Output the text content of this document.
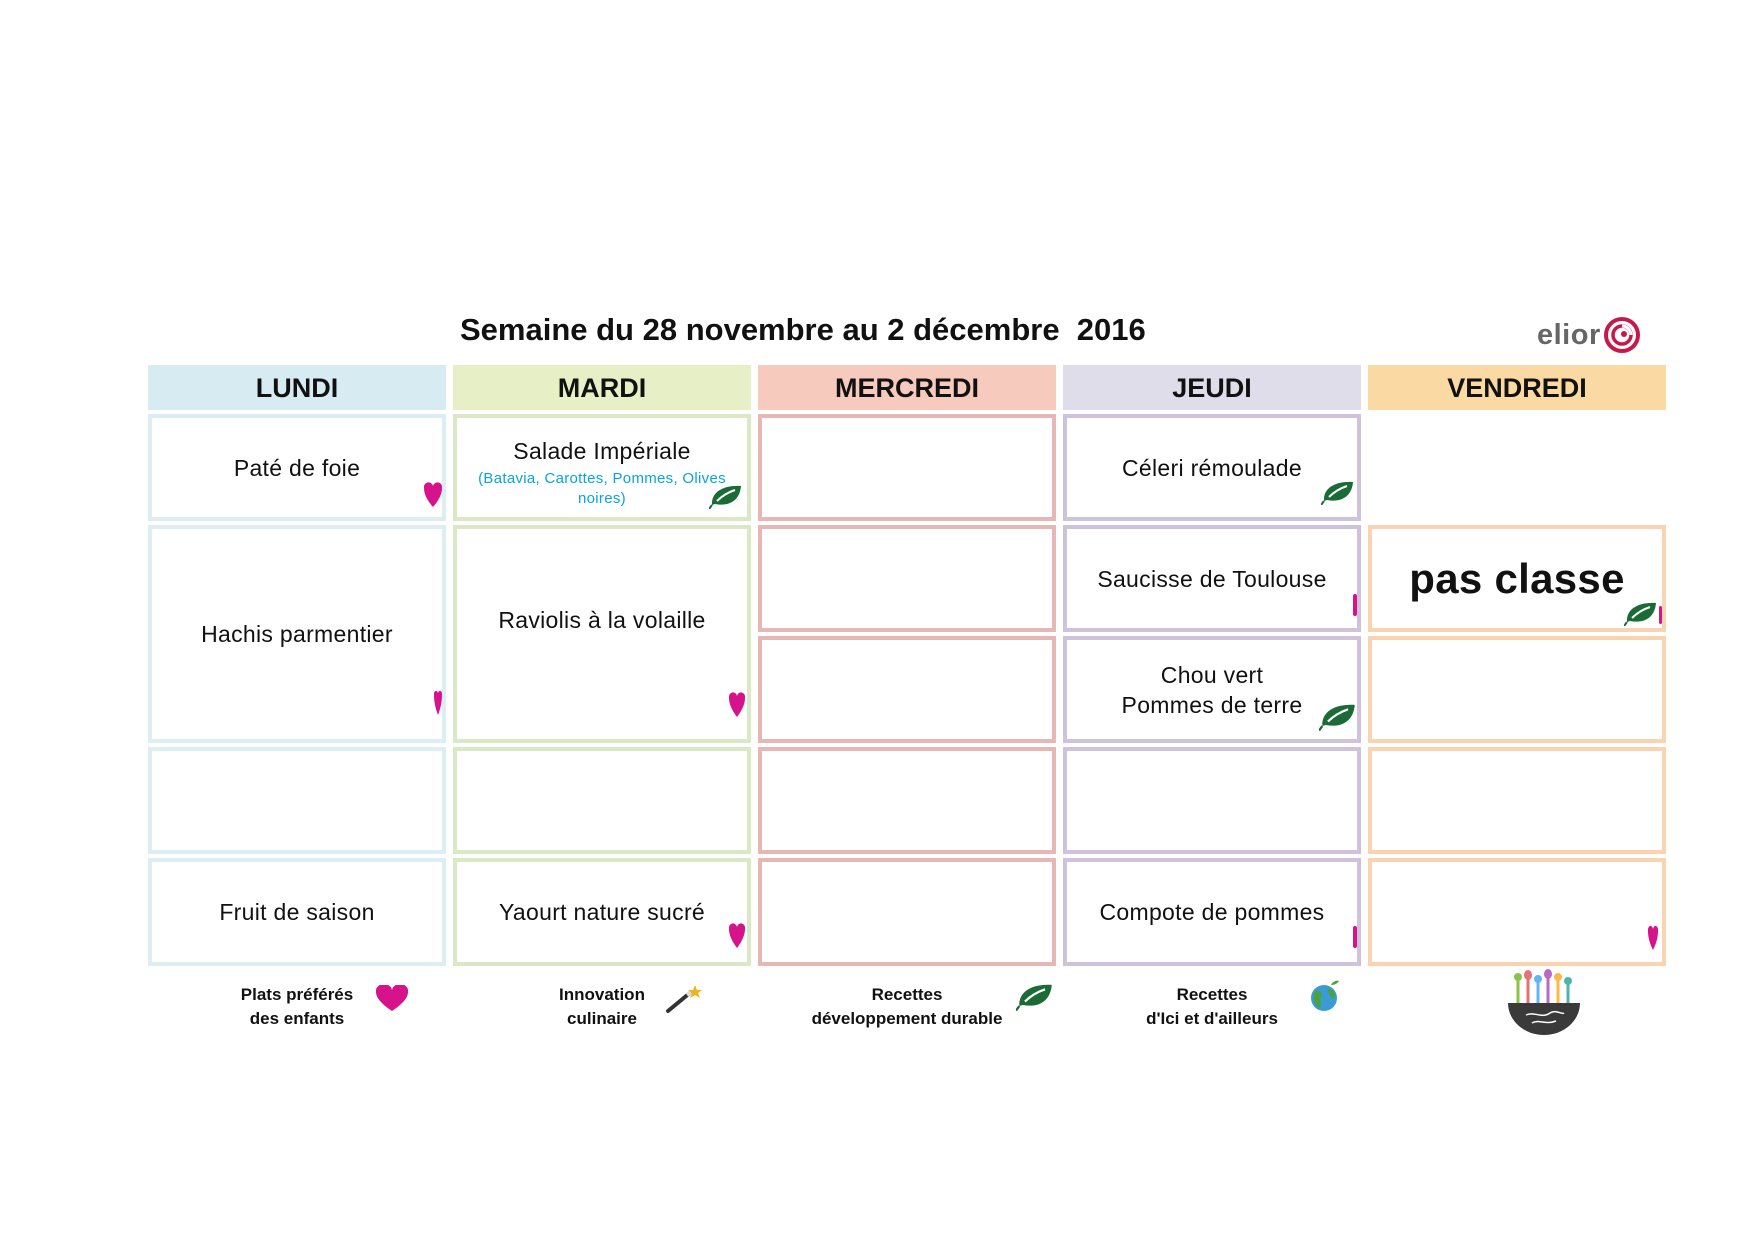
Semaine du 28 novembre au 2 décembre  2016	elior
LUNDI
Paté de foie
Hachis parmentier
Fruit de saison
MARDI
Salade Impériale
(Batavia, Carottes, Pommes, Olives noires)
Raviolis à la volaille
Yaourt nature sucré
MERCREDI	JEUDI
Céleri rémoulade
Saucisse de Toulouse
Chou vert
Pommes de terre
Compote de pommes
VENDREDI
pas classe
Plats préférés
des enfants
Innovation
culinaire
Recettes
développement durable
Recettes
d'Ici et d'ailleurs
